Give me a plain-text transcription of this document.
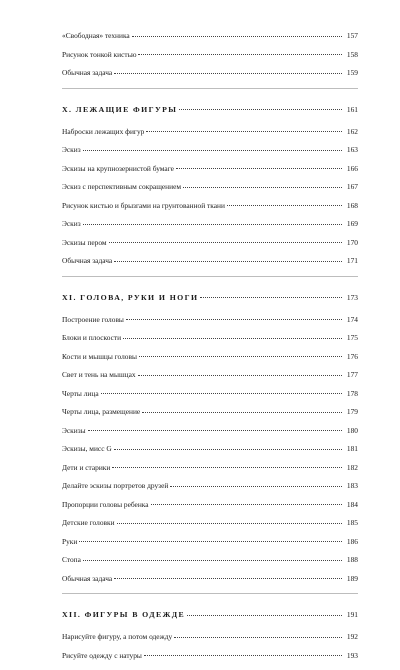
«Свободная» техника	157
Рисунок тонкой кистью	158
Обычная задача	159
X. ЛЕЖАЩИЕ ФИГУРЫ	161
Наброски лежащих фигур	162
Эскиз	163
Эскизы на крупнозернистой бумаге	166
Эскиз с перспективным сокращением	167
Рисунок кистью и брызгами на грунтованной ткани	168
Эскиз	169
Эскизы пером	170
Обычная задача	171
XI. ГОЛОВА, РУКИ И НОГИ	173
Построение головы	174
Блоки и плоскости	175
Кости и мышцы головы	176
Свет и тень на мышцах	177
Черты лица	178
Черты лица, размещение	179
Эскизы	180
Эскизы, мисс G	181
Дети и старики	182
Делайте эскизы портретов друзей	183
Пропорции головы ребенка	184
Детские головки	185
Руки	186
Стопа	188
Обычная задача	189
XII. ФИГУРЫ В ОДЕЖДЕ	191
Нарисуйте фигуру, а потом одежду	192
Рисуйте одежду с натуры	193
